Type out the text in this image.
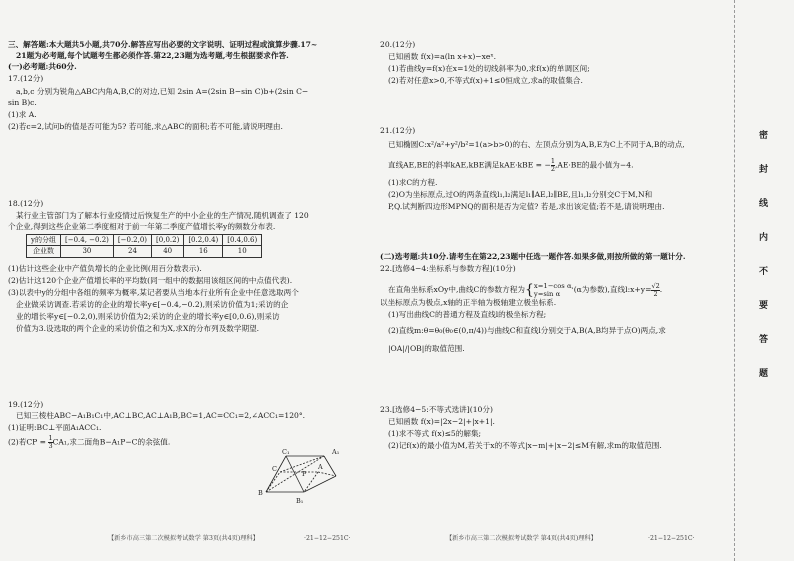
三、解答题:本大题共5小题,共70分.解答应写出必要的文字说明、证明过程或演算步骤.17~
21题为必考题,每个试题考生都必须作答.第22,23题为选考题,考生根据要求作答.
(一)必考题:共60分.
17.(12分)
a,b,c 分别为锐角△ABC内角A,B,C的对边,已知 2sin A=(2sin B−sin C)b+(2sin C−
sin B)c.
(1)求 A.
(2)若c=2,试问b的值是否可能为5? 若可能,求△ABC的面积;若不可能,请说明理由.
18.(12分)
某行业主管部门为了解本行业疫情过后恢复生产的中小企业的生产情况,随机调查了 120
个企业,得到这些企业第二季度相对于前一年第二季度产值增长率y的频数分布表.
y的分组	[−0.4, −0.2)	[−0.2,0)	[0,0.2)	[0.2,0.4)	[0.4,0.6)
企业数	30	24	40	16	10
(1)估计这些企业中产值负增长的企业比例(用百分数表示).
(2)估计这120个企业产值增长率的平均数(同一组中的数据用该组区间的中点值代表).
(3)以表中y的分组中各组的频率为概率,某记者要从当地本行业所有企业中任意选取两个
企业做采访调查.若采访的企业的增长率y∈[−0.4,−0.2),则采访价值为1;采访的企
业的增长率y∈[−0.2,0),则采访价值为2;采访的企业的增长率y∈[0,0.6),则采访
价值为3.设选取的两个企业的采访价值之和为X,求X的分布列及数学期望.
19.(12分)
已知三棱柱ABC−A₁B₁C₁中,AC⊥BC,AC⊥A₁B,BC=1,AC=CC₁=2,∠ACC₁=120°.
(1)证明:BC⊥平面A₁ACC₁.
(2)若CP = $\frac{1}{3} CA_1$,求二面角B−A₁P−C的余弦值.
B
C	A
P
B₁
C₁	A₁
【新乡市高三第二次模拟考试数学 第3页(共4页)理科】	·21−12−251C·
20.(12分)
已知函数 f(x)=a(ln x+x)−xeˣ.
(1)若曲线y=f(x)在x=1处的切线斜率为0,求f(x)的单调区间;
(2)若对任意x>0,不等式f(x)+1≤0恒成立,求a的取值集合.
21.(12分)
已知椭圆C:x²/a²+y²/b²=1(a>b>0)的右、左顶点分别为A,B,E为C上不同于A,B的动点,
直线AE,BE的斜率kAE,kBE满足kAE·kBE = − $\frac{1}{2} ,AE\cdot BE$的最小值为−4.
(1)求C的方程.
(2)O为坐标原点,过O的两条直线l₁,l₂满足l₁∥AE,l₂∥BE,且l₁,l₂分别交C于M,N和
P,Q.试判断四边形MPNQ的面积是否为定值? 若是,求出该定值;若不是,请说明理由.
(二)选考题:共10分.请考生在第22,23题中任选一题作答.如果多做,则按所做的第一题计分.
22.[选修4−4:坐标系与参数方程](10分)
在直角坐标系xOy中,曲线C的参数方程为{ x=1−cos α,
y=sin α	(α为参数),直线l:x+y= $\frac{√2}{2}$ .
以坐标原点为极点,x轴的正半轴为极轴建立极坐标系.
(1)写出曲线C的普通方程及直线l的极坐标方程;
(2)直线m:θ=θ₀(θ₀∈(0,π/4))与曲线C和直线l分别交于A,B(A,B均异于点O)两点,求
|OA|/|OB|的取值范围.
23.[选修4−5:不等式选讲](10分)
已知函数 f(x)=|2x−2|+|x+1|.
(1)求不等式 f(x)≤5的解集;
(2)记f(x)的最小值为M,若关于x的不等式|x−m|+|x−2|≤M有解,求m的取值范围.
【新乡市高三第二次模拟考试数学 第4页(共4页)理科】	·21−12−251C·
密
封
线
内
不
要
答
题
